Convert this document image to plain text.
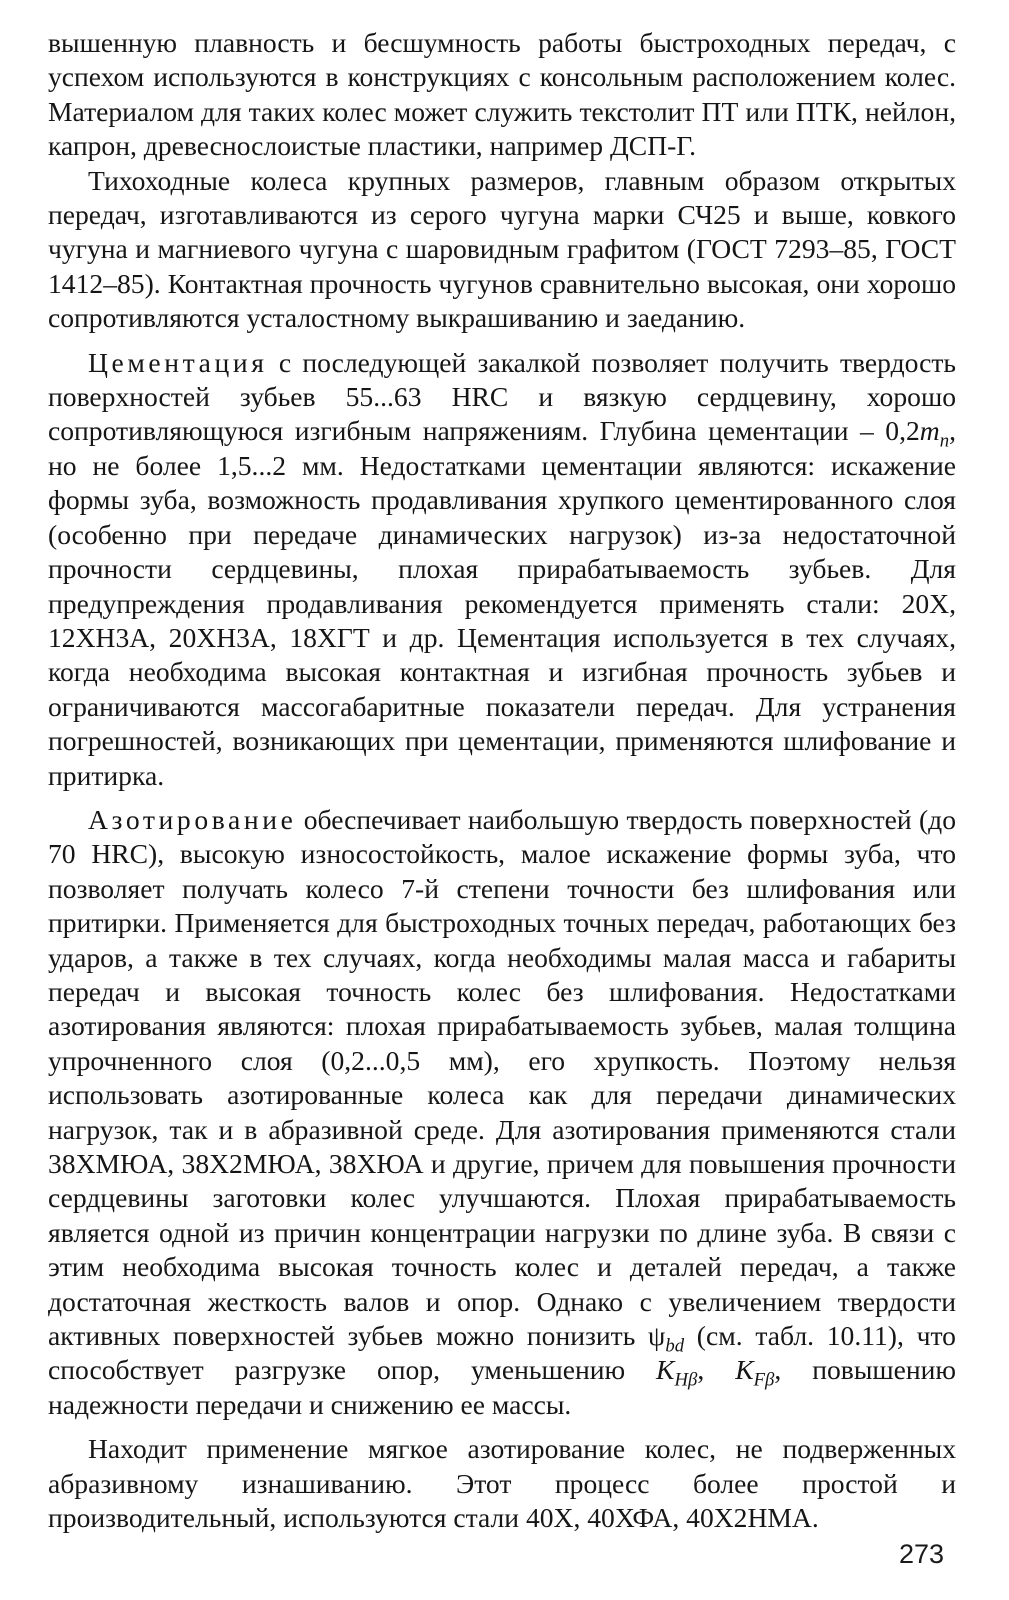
вышенную плавность и бесшумность работы быстроходных передач, с успехом используются в конструкциях с консольным расположением колес. Материалом для таких колес может служить текстолит ПТ или ПТК, нейлон, капрон, древеснослоистые пластики, например ДСП-Г.

Тихоходные колеса крупных размеров, главным образом открытых передач, изготавливаются из серого чугуна марки СЧ25 и выше, ковкого чугуна и магниевого чугуна с шаровидным графитом (ГОСТ 7293–85, ГОСТ 1412–85). Контактная прочность чугунов сравнительно высокая, они хорошо сопротивляются усталостному выкрашиванию и заеданию.

Цементация с последующей закалкой позволяет получить твердость поверхностей зубьев 55...63 HRC и вязкую сердцевину, хорошо сопротивляющуюся изгибным напряжениям. Глубина цементации – $0,2m_n$, но не более 1,5...2 мм. Недостатками цементации являются: искажение формы зуба, возможность продавливания хрупкого цементированного слоя (особенно при передаче динамических нагрузок) из-за недостаточной прочности сердцевины, плохая прирабатываемость зубьев. Для предупреждения продавливания рекомендуется применять стали: 20Х, 12ХН3А, 20ХН3А, 18ХГТ и др. Цементация используется в тех случаях, когда необходима высокая контактная и изгибная прочность зубьев и ограничиваются массогабаритные показатели передач. Для устранения погрешностей, возникающих при цементации, применяются шлифование и притирка.

Азотирование обеспечивает наибольшую твердость поверхностей (до 70 HRC), высокую износостойкость, малое искажение формы зуба, что позволяет получать колесо 7-й степени точности без шлифования или притирки. Применяется для быстроходных точных передач, работающих без ударов, а также в тех случаях, когда необходимы малая масса и габариты передач и высокая точность колес без шлифования. Недостатками азотирования являются: плохая прирабатываемость зубьев, малая толщина упрочненного слоя (0,2...0,5 мм), его хрупкость. Поэтому нельзя использовать азотированные колеса как для передачи динамических нагрузок, так и в абразивной среде. Для азотирования применяются стали 38ХМЮА, 38Х2МЮА, 38ХЮА и другие, причем для повышения прочности сердцевины заготовки колес улучшаются. Плохая прирабатываемость является одной из причин концентрации нагрузки по длине зуба. В связи с этим необходима высокая точность колес и деталей передач, а также достаточная жесткость валов и опор. Однако с увеличением твердости активных поверхностей зубьев можно понизить $\psi_{bd}$ (см. табл. 10.11), что способствует разгрузке опор, уменьшению $K_{H\beta}$, $K_{F\beta}$, повышению надежности передачи и снижению ее массы.

Находит применение мягкое азотирование колес, не подверженных абразивному изнашиванию. Этот процесс более простой и производительный, используются стали 40Х, 40ХФА, 40Х2НМА.

273
